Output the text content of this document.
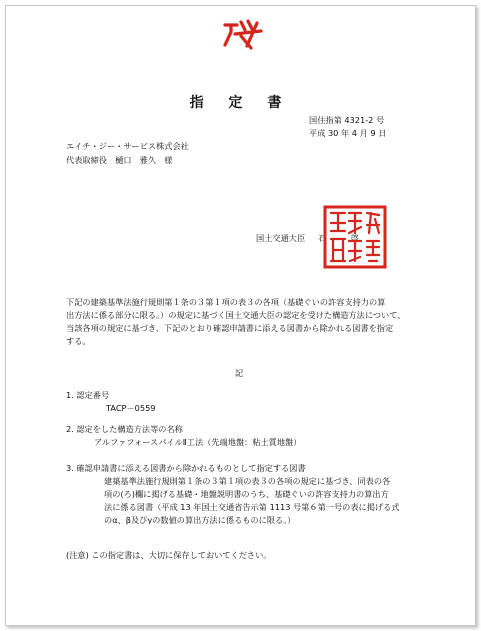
指 定 書
国住指第 4321-2 号
平成 30 年 4 月 9 日
エイチ・ジー・サービス株式会社
代表取締役　樋口　雅久　様
国土交通大臣 石　　　啓

下記の建築基準法施行規則第１条の３第１項の表３の各項（基礎ぐいの許容支持力の算

出方法に係る部分に限る。）の規定に基づく国土交通大臣の認定を受けた構造方法について、

当該各項の規定に基づき、下記のとおり確認申請書に添える図書から除かれる図書を指定

する。

記
1. 認定番号
TACP－0559
2. 認定をした構造方法等の名称
アルファフォースパイルⅡ工法（先端地盤：粘土質地盤）
3. 確認申請書に添える図書から除かれるものとして指定する図書

建築基準法施行規則第１条の３第１項の表３の各項の規定に基づき、同表の各

項の(ろ)欄に掲げる基礎・地盤説明書のうち、基礎ぐいの許容支持力の算出方

法に係る図書（平成 13 年国土交通省告示第 1113 号第６第一号の表に掲げる式

のα、β及びγの数値の算出方法に係るものに限る。）

(注意) この指定書は、大切に保存しておいてください。
